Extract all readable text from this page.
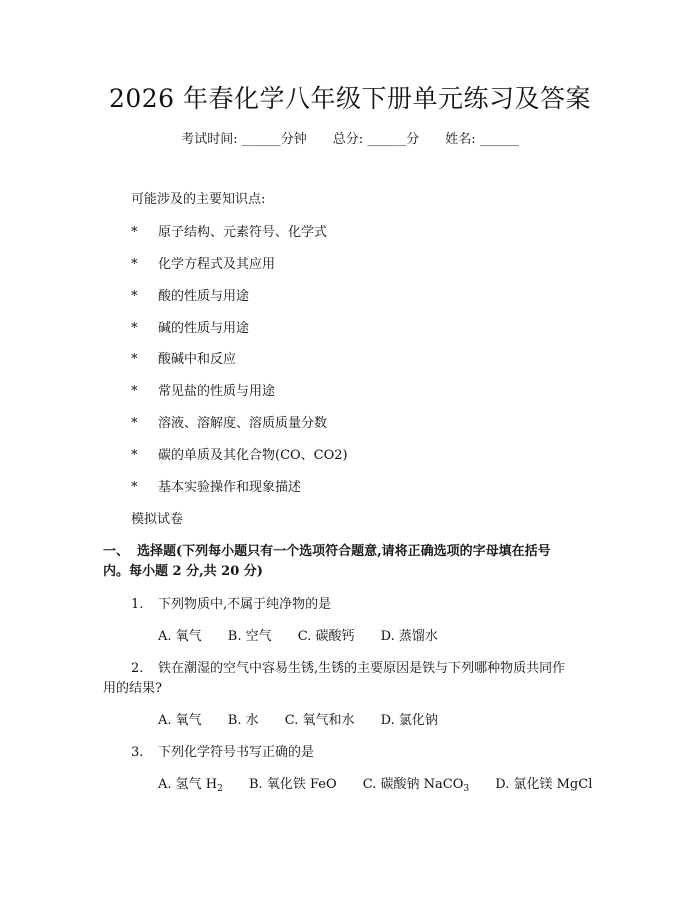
2026 年春化学八年级下册单元练习及答案
考试时间: ______分钟 总分: ______分 姓名: ______
可能涉及的主要知识点:
* 原子结构、元素符号、化学式
* 化学方程式及其应用
* 酸的性质与用途
* 碱的性质与用途
* 酸碱中和反应
* 常见盐的性质与用途
* 溶液、溶解度、溶质质量分数
* 碳的单质及其化合物(CO、CO2)
* 基本实验操作和现象描述
模拟试卷
一、 选择题(下列每小题只有一个选项符合题意,请将正确选项的字母填在括号
内。每小题 2 分,共 20 分)
1. 下列物质中,不属于纯净物的是
A. 氧气 B. 空气 C. 碳酸钙 D. 蒸馏水
2. 铁在潮湿的空气中容易生锈,生锈的主要原因是铁与下列哪种物质共同作
用的结果?
A. 氧气 B. 水 C. 氧气和水 D. 氯化钠
3. 下列化学符号书写正确的是
A. 氢气 $H_2$ B. 氧化铁 FeO C. 碳酸钠 NaCO$_3$ D. 氯化镁 MgCl
